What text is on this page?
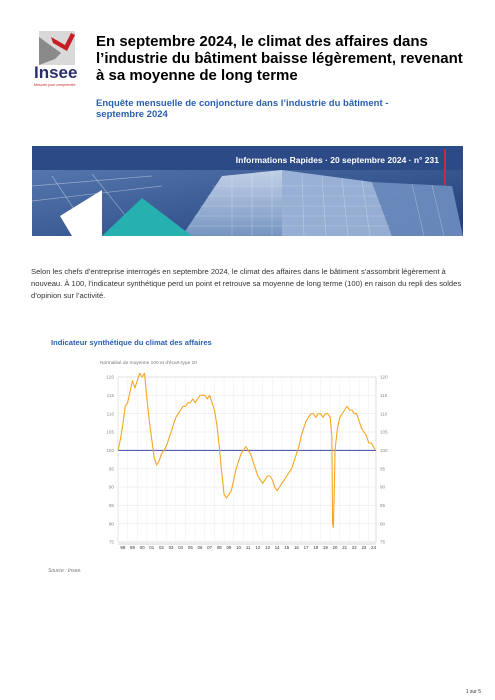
Insee
Mesurer pour comprendre
En septembre 2024, le climat des affaires dans l’industrie du bâtiment baisse légèrement, revenant à sa moyenne de long terme
Enquête mensuelle de conjoncture dans l’industrie du bâtiment - septembre 2024
Informations Rapides · 20 septembre 2024 · n° 231
Selon les chefs d’entreprise interrogés en septembre 2024, le climat des affaires dans le bâtiment s’assombrit légèrement à nouveau. À 100, l’indicateur synthétique perd un point et retrouve sa moyenne de long terme (100) en raison du repli des soldes d’opinion sur l’activité.
Indicateur synthétique du climat des affaires
Normalisé de moyenne 100 et d'écart-type 10
75	75
80	80
85	85
90	90
95	95
100	100
105	105
110	110
115	115
120	120
98 99 00 01 02 03 04 05 06 07 08 09 10 11 12 13 14 15 16 17 18 19 20 21 22 23 24
Source : Insee.
1 sur 5
